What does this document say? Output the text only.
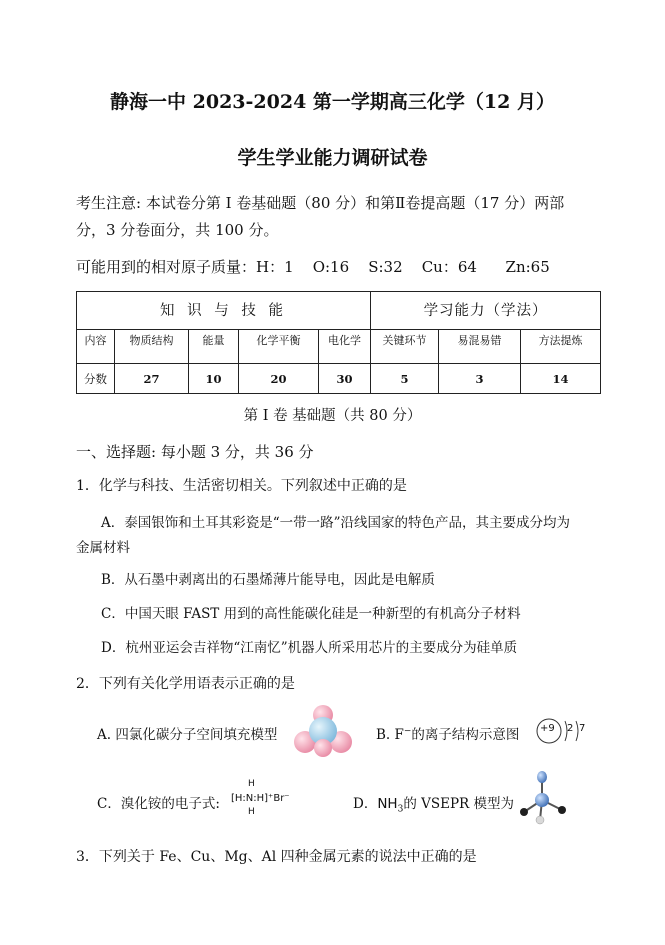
静海一中 2023-2024 第一学期高三化学（12 月）
学生学业能力调研试卷
考生注意: 本试卷分第 I 卷基础题（80 分）和第Ⅱ卷提高题（17 分）两部
分，3 分卷面分，共 100 分。
可能用到的相对原子质量：H：1    O:16    S:32    Cu：64      Zn:65
知 识 与 技 能					学习能力（学法）		
内容	物质结构	能量	化学平衡	电化学	关键环节	易混易错	方法提炼
分数	27	10	20	30	5	3	14
第 I 卷 基础题（共 80 分）
一、选择题: 每小题 3 分，共 36 分
1．化学与科技、生活密切相关。下列叙述中正确的是
A．泰国银饰和土耳其彩瓷是“一带一路”沿线国家的特色产品，其主要成分均为
金属材料
B．从石墨中剥离出的石墨烯薄片能导电，因此是电解质
C．中国天眼 FAST 用到的高性能碳化硅是一种新型的有机高分子材料
D．杭州亚运会吉祥物“江南忆”机器人所采用芯片的主要成分为硅单质
2．下列有关化学用语表示正确的是
A. 四氯化碳分子空间填充模型	B. F−的离子结构示意图 +9 2 7
C．溴化铵的电子式:
H
[H:N:H]⁺Br⁻
H	D．$NH_3$的 VSEPR 模型为
3．下列关于 Fe、Cu、Mg、Al 四种金属元素的说法中正确的是
